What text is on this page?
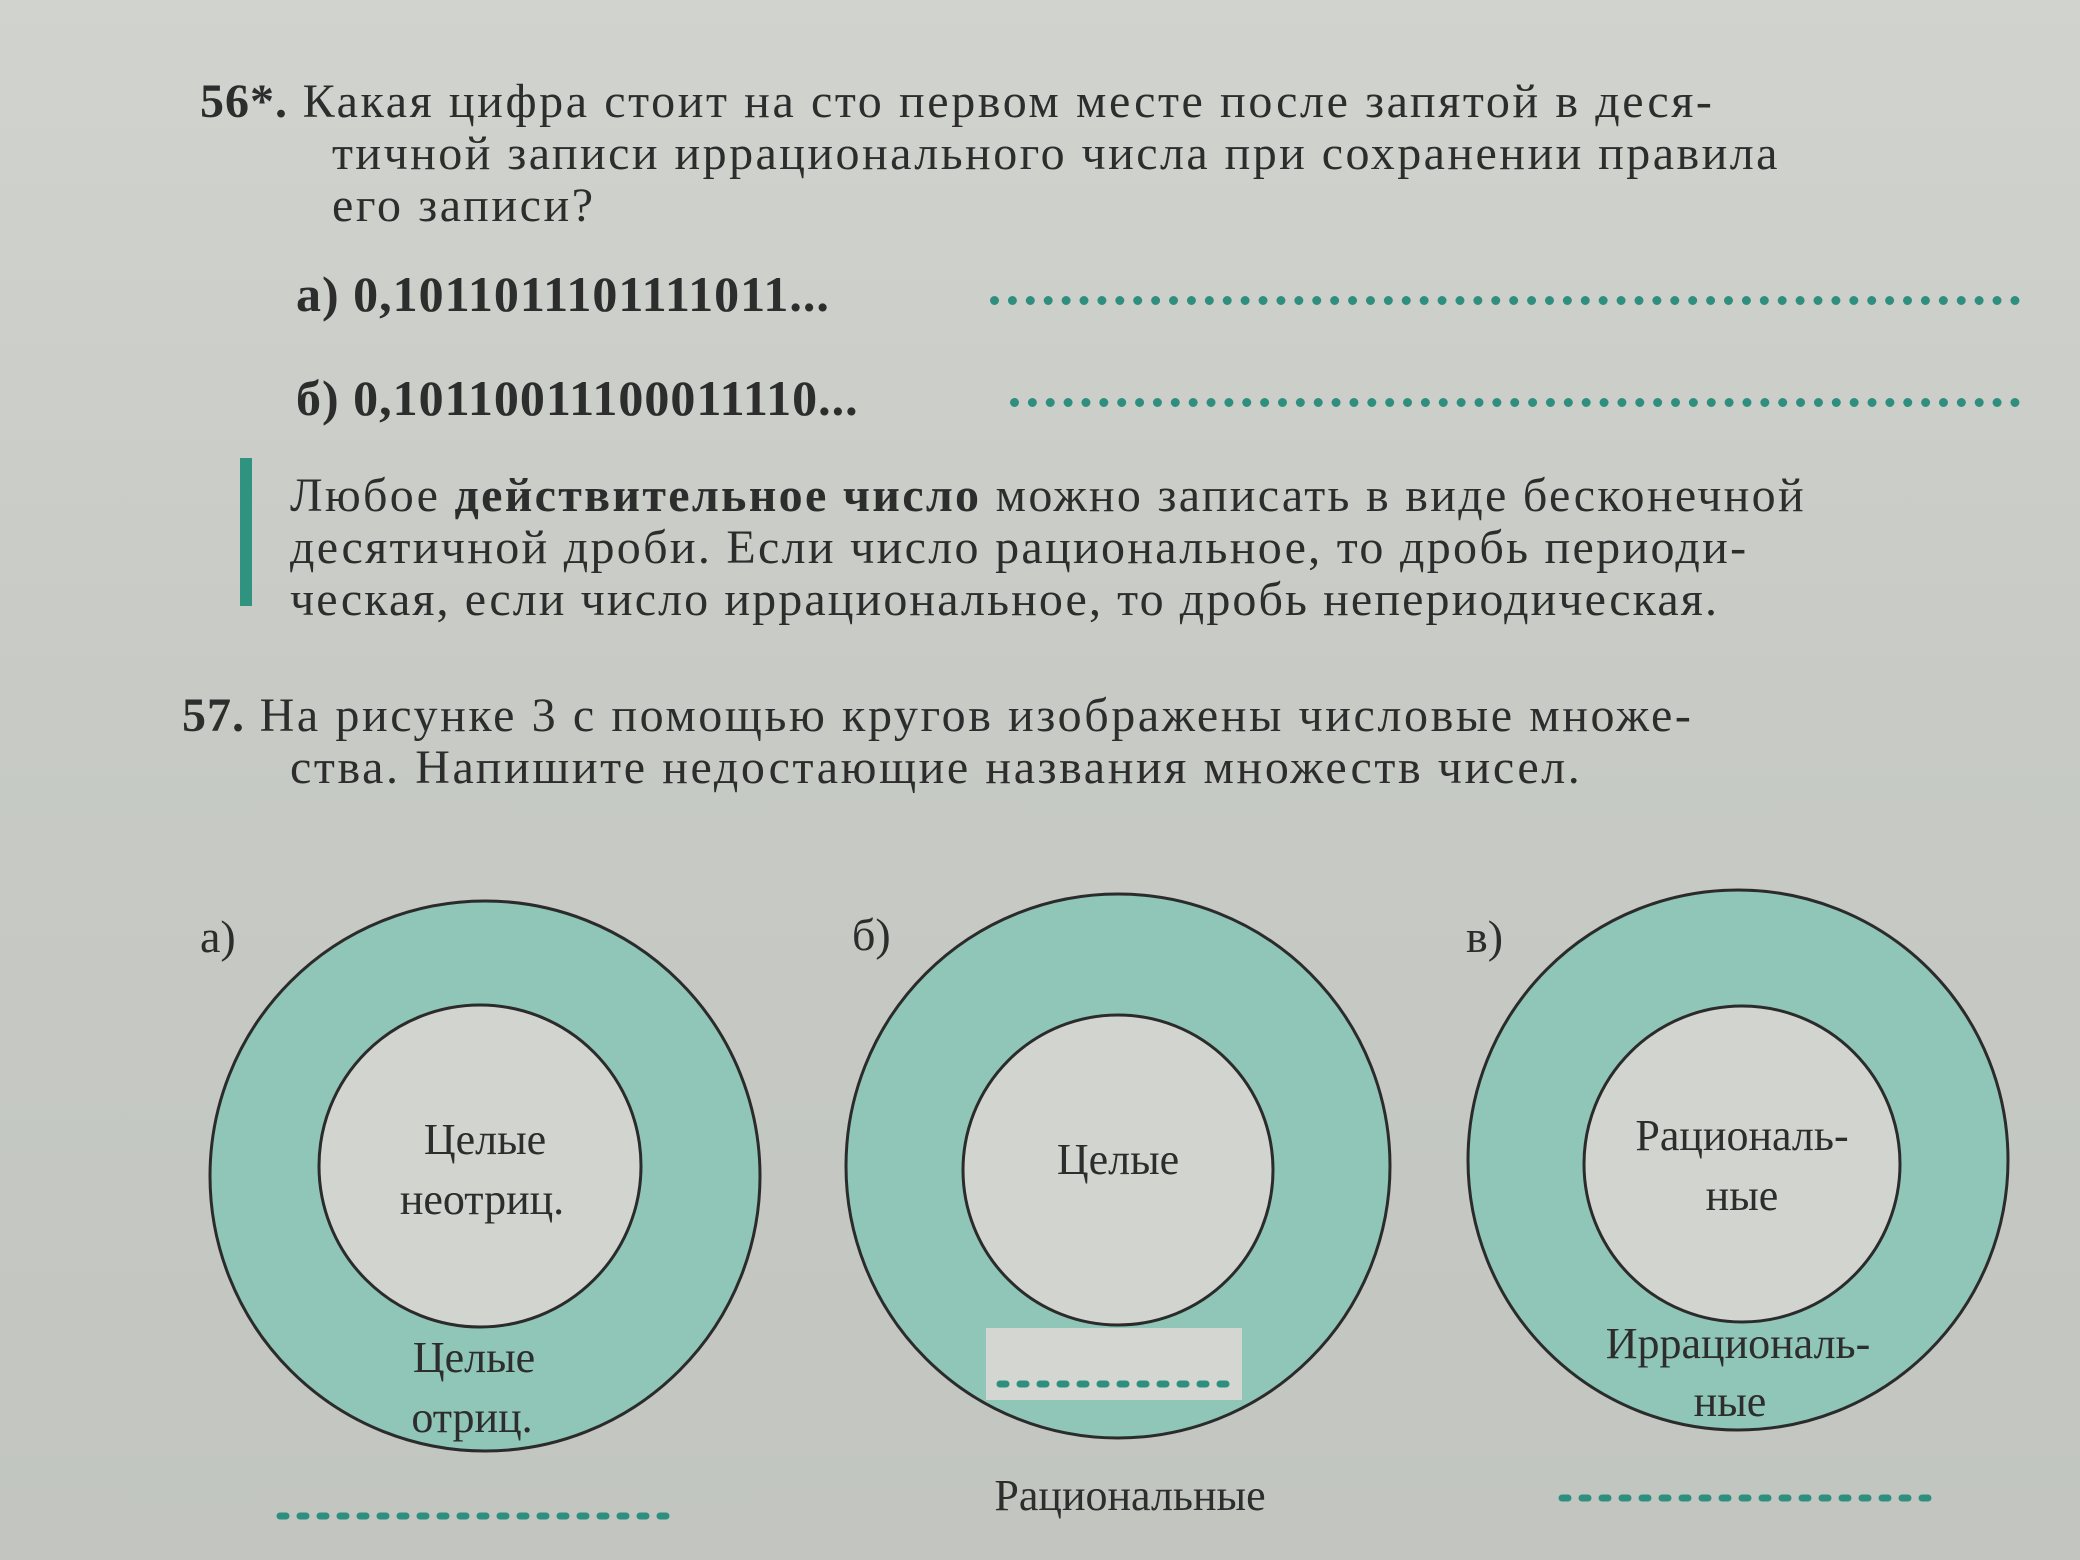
56*. Какая цифра стоит на сто первом месте после запятой в деся-

тичной записи иррационального числа при сохранении правила

его записи?

а) 0,1011011101111011...

б) 0,10110011100011110...

Любое действительное число можно записать в виде бесконечной

десятичной дроби. Если число рациональное, то дробь периоди-

ческая, если число иррациональное, то дробь непериодическая.

57. На рисунке 3 с помощью кругов изображены числовые множе-

ства. Напишите недостающие названия множеств чисел.

а)
Целые
неотриц.
Целые
отриц.
б)
Целые
Рациональные
в)
Рациональ-
ные
Иррациональ-
ные
